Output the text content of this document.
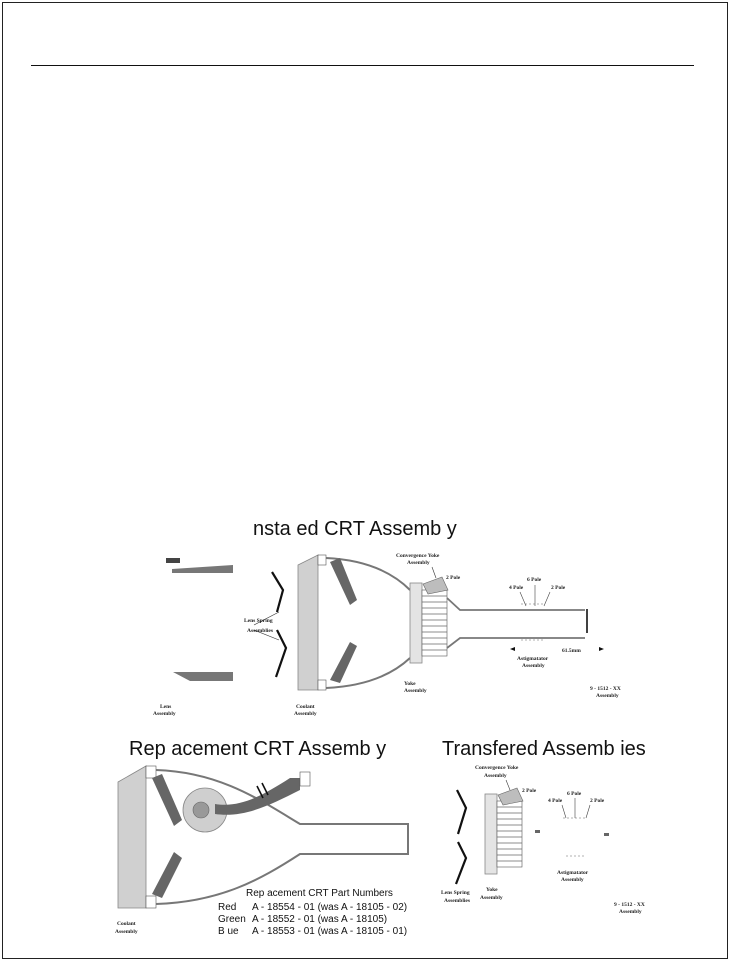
nsta ed CRT Assemb y
Lens
Assembly
Lens Spring
Assemblies
Coolant
Assembly
Convergence Yoke
Assembly
2 Pole
Yoke
Assembly
4 Pole
6 Pole
2 Pole
Astigmatator
Assembly
61.5mm
9 - 1512 - XX
Assembly
Rep acement CRT Assemb y
Coolant
Assembly
Rep acement CRT Part Numbers
Red A - 18554 - 01 (was A - 18105 - 02)
Green A - 18552 - 01 (was A - 18105)
B ue A - 18553 - 01 (was A - 18105 - 01)
Transfered Assemb ies
Lens Spring
Assemblies
Convergence Yoke
Assembly
2 Pole
Yoke
Assembly
4 Pole
6 Pole
2 Pole
Astigmatator
Assembly
9 - 1512 - XX
Assembly
